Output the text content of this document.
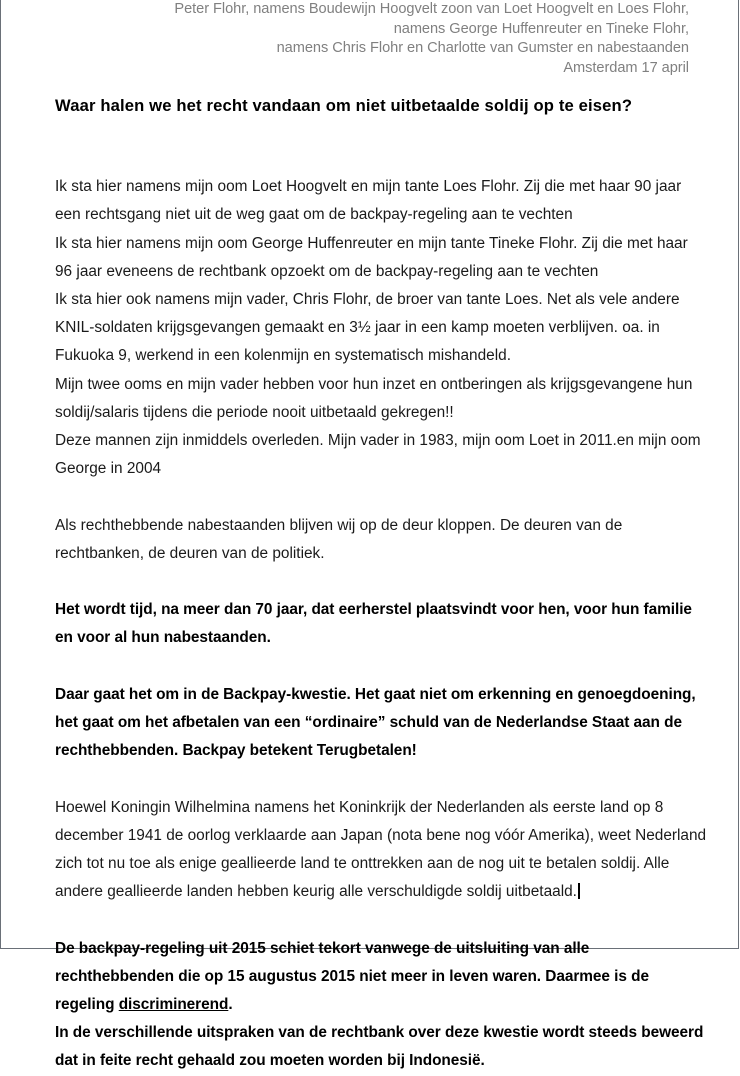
Peter Flohr, namens Boudewijn Hoogvelt zoon van Loet Hoogvelt en Loes Flohr,
namens George Huffenreuter en Tineke Flohr,
namens Chris Flohr en Charlotte van Gumster en nabestaanden
Amsterdam 17 april
Waar halen we het recht vandaan om niet uitbetaalde soldij op te eisen?

Ik sta hier namens mijn oom Loet Hoogvelt en mijn tante Loes Flohr. Zij die met haar 90 jaar
een rechtsgang niet uit de weg gaat om de backpay-regeling aan te vechten
Ik sta hier namens mijn oom George Huffenreuter en mijn tante Tineke Flohr. Zij die met haar
96 jaar eveneens de rechtbank opzoekt om de backpay-regeling aan te vechten
Ik sta hier ook namens mijn vader, Chris Flohr, de broer van tante Loes. Net als vele andere
KNIL-soldaten krijgsgevangen gemaakt en 3½ jaar in een kamp moeten verblijven. oa. in
Fukuoka 9, werkend in een kolenmijn en systematisch mishandeld.
Mijn twee ooms en mijn vader hebben voor hun inzet en ontberingen als krijgsgevangene hun
soldij/salaris tijdens die periode nooit uitbetaald gekregen!!
Deze mannen zijn inmiddels overleden. Mijn vader in 1983, mijn oom Loet in 2011.en mijn oom
George in 2004

Als rechthebbende nabestaanden blijven wij op de deur kloppen. De deuren van de
rechtbanken, de deuren van de politiek.

Het wordt tijd, na meer dan 70 jaar, dat eerherstel plaatsvindt voor hen, voor hun familie
en voor al hun nabestaanden.

Daar gaat het om in de Backpay-kwestie. Het gaat niet om erkenning en genoegdoening,
het gaat om het afbetalen van een “ordinaire” schuld van de Nederlandse Staat aan de
rechthebbenden. Backpay betekent Terugbetalen!

Hoewel Koningin Wilhelmina namens het Koninkrijk der Nederlanden als eerste land op 8
december 1941 de oorlog verklaarde aan Japan (nota bene nog vóór Amerika), weet Nederland
zich tot nu toe als enige geallieerde land te onttrekken aan de nog uit te betalen soldij. Alle
andere geallieerde landen hebben keurig alle verschuldigde soldij uitbetaald.

De backpay-regeling uit 2015 schiet tekort vanwege de uitsluiting van alle
rechthebbenden die op 15 augustus 2015 niet meer in leven waren. Daarmee is de
regeling discriminerend.
In de verschillende uitspraken van de rechtbank over deze kwestie wordt steeds beweerd
dat in feite recht gehaald zou moeten worden bij Indonesië.
